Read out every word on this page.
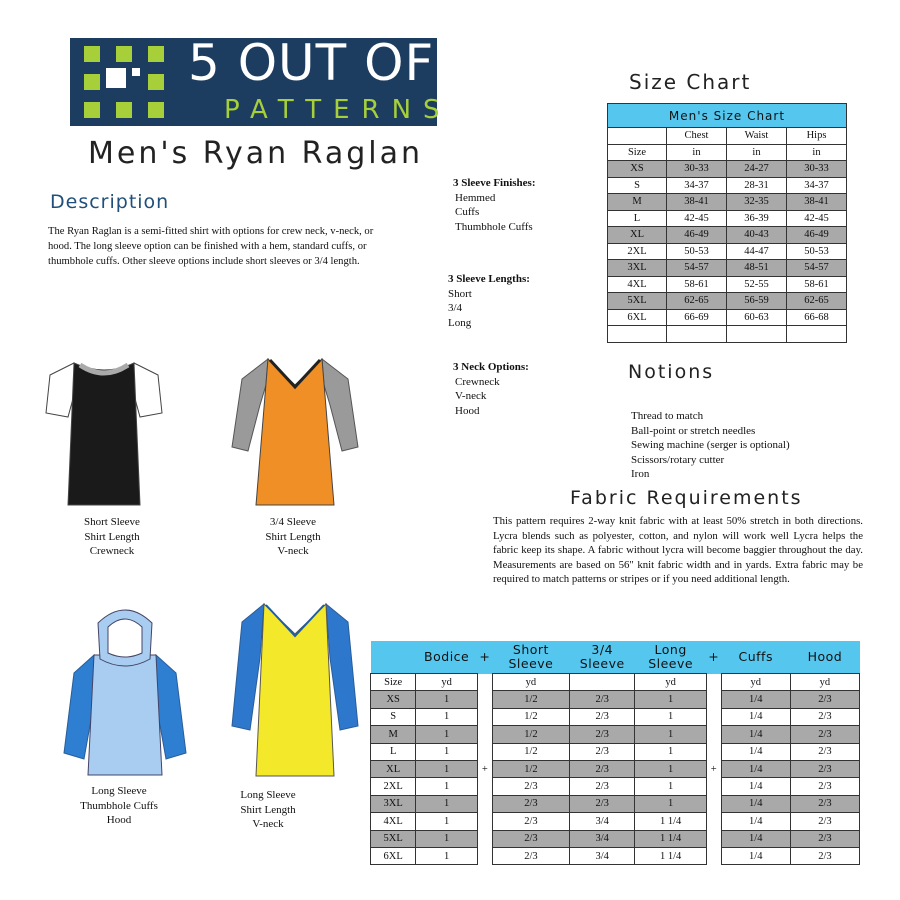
5 OUT OF 4
PATTERNS
Men's Ryan Raglan
Description
The Ryan Raglan is a semi-fitted shirt with options for crew neck, v-neck, or hood. The long sleeve option can be finished with a hem, standard cuffs, or thumbhole cuffs. Other sleeve options include short sleeves or 3/4 length.
3 Sleeve Finishes:
Hemmed
Cuffs
Thumbhole Cuffs
3 Sleeve Lengths:
Short
3/4
Long
3 Neck Options:
Crewneck
V-neck
Hood
Size Chart
Men's Size Chart			
	Chest	Waist	Hips
Size	in	in	in
XS	30-33	24-27	30-33
S	34-37	28-31	34-37
M	38-41	32-35	38-41
L	42-45	36-39	42-45
XL	46-49	40-43	46-49
2XL	50-53	44-47	50-53
3XL	54-57	48-51	54-57
4XL	58-61	52-55	58-61
5XL	62-65	56-59	62-65
6XL	66-69	60-63	66-68

Notions
Thread to match
Ball-point or stretch needles
Sewing machine (serger is optional)
Scissors/rotary cutter
Iron
Fabric Requirements
This pattern requires 2-way knit fabric with at least 50% stretch in both directions. Lycra blends such as polyester, cotton, and nylon will work well Lycra helps the fabric keep its shape. A fabric without lycra will become baggier throughout the day. Measurements are based on 56" knit fabric width and in yards. Extra fabric may be required to match patterns or stripes or if you need additional length.
	Bodice	+	Short Sleeve	3/4 Sleeve	Long Sleeve	+	Cuffs	Hood
Size	yd		yd		yd		yd	yd
XS	1		1/2	2/3	1		1/4	2/3
S	1		1/2	2/3	1		1/4	2/3
M	1		1/2	2/3	1		1/4	2/3
L	1		1/2	2/3	1		1/4	2/3
XL	1	+	1/2	2/3	1	+	1/4	2/3
2XL	1		2/3	2/3	1		1/4	2/3
3XL	1		2/3	2/3	1		1/4	2/3
4XL	1		2/3	3/4	1 1/4		1/4	2/3
5XL	1		2/3	3/4	1 1/4		1/4	2/3
6XL	1		2/3	3/4	1 1/4		1/4	2/3
Short Sleeve
Shirt Length
Crewneck
3/4 Sleeve
Shirt Length
V-neck
Long Sleeve
Thumbhole Cuffs
Hood
Long Sleeve
Shirt Length
V-neck
